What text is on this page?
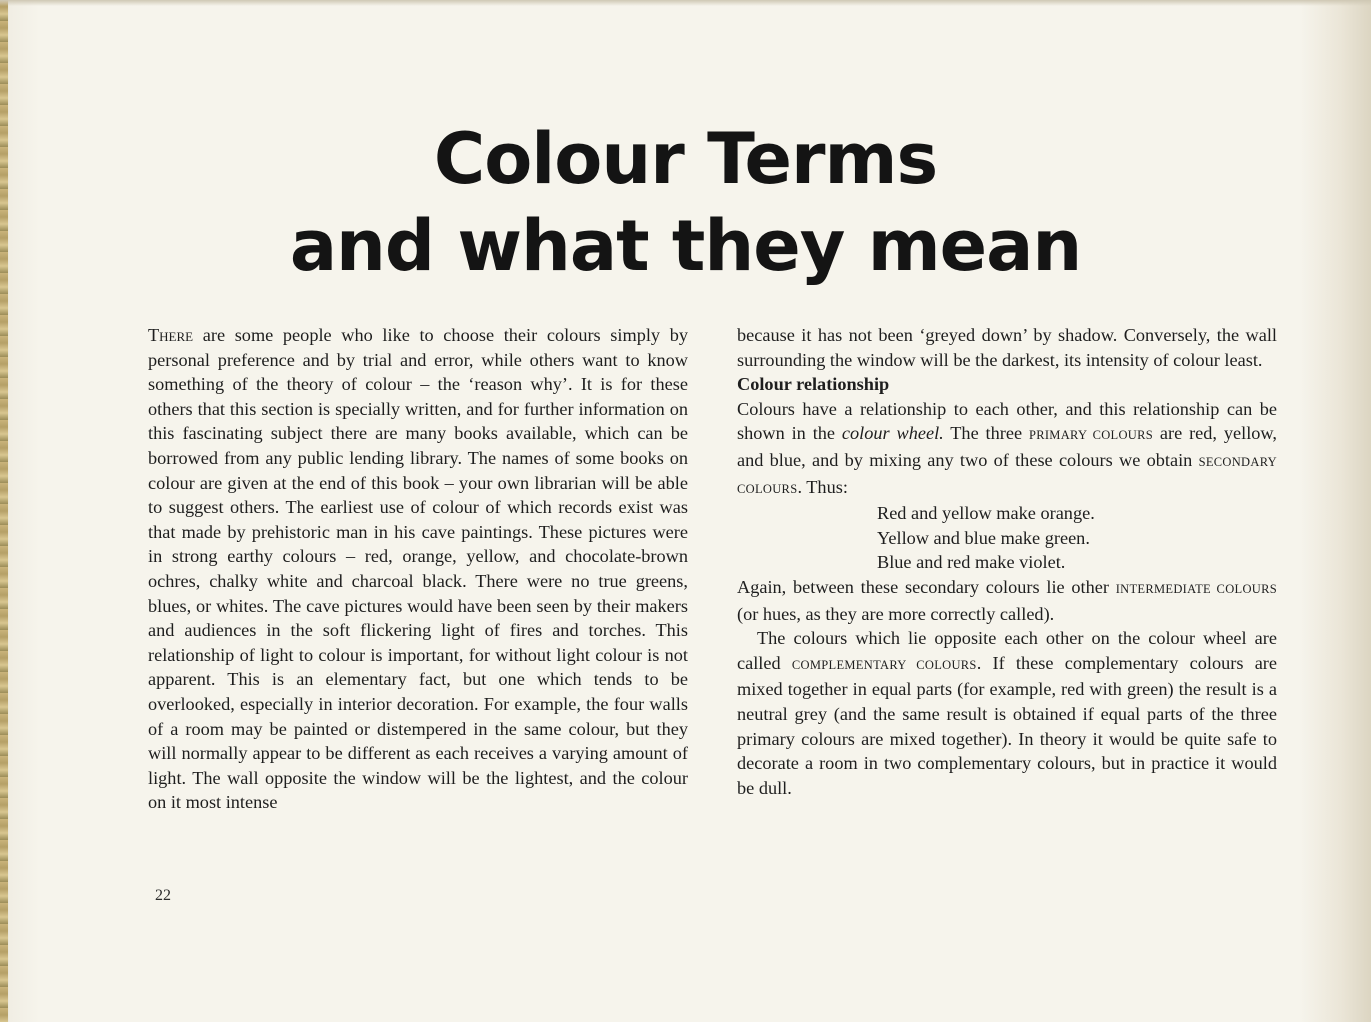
Colour Terms
and what they mean

There are some people who like to choose their colours simply by personal preference and by trial and error, while others want to know something of the theory of colour – the ‘reason why’. It is for these others that this section is specially written, and for further information on this fascinating subject there are many books available, which can be borrowed from any public lending library. The names of some books on colour are given at the end of this book – your own librarian will be able to suggest others. The earliest use of colour of which records exist was that made by prehistoric man in his cave paintings. These pictures were in strong earthy colours – red, orange, yellow, and chocolate-brown ochres, chalky white and charcoal black. There were no true greens, blues, or whites. The cave pictures would have been seen by their makers and audiences in the soft flickering light of fires and torches. This relationship of light to colour is important, for without light colour is not apparent. This is an elementary fact, but one which tends to be overlooked, especially in interior decoration. For example, the four walls of a room may be painted or distempered in the same colour, but they will normally appear to be different as each receives a varying amount of light. The wall opposite the window will be the lightest, and the colour on it most intense

because it has not been ‘greyed down’ by shadow. Conversely, the wall surrounding the window will be the darkest, its intensity of colour least.

Colour relationship

Colours have a relationship to each other, and this relationship can be shown in the colour wheel. The three PRIMARY COLOURS are red, yellow, and blue, and by mixing any two of these colours we obtain SECONDARY COLOURS. Thus:

Red and yellow make orange.

Yellow and blue make green.

Blue and red make violet.

Again, between these secondary colours lie other INTERMEDIATE COLOURS (or hues, as they are more correctly called).

The colours which lie opposite each other on the colour wheel are called COMPLEMENTARY COLOURS. If these complementary colours are mixed together in equal parts (for example, red with green) the result is a neutral grey (and the same result is obtained if equal parts of the three primary colours are mixed together). In theory it would be quite safe to decorate a room in two complementary colours, but in practice it would be dull.

22
